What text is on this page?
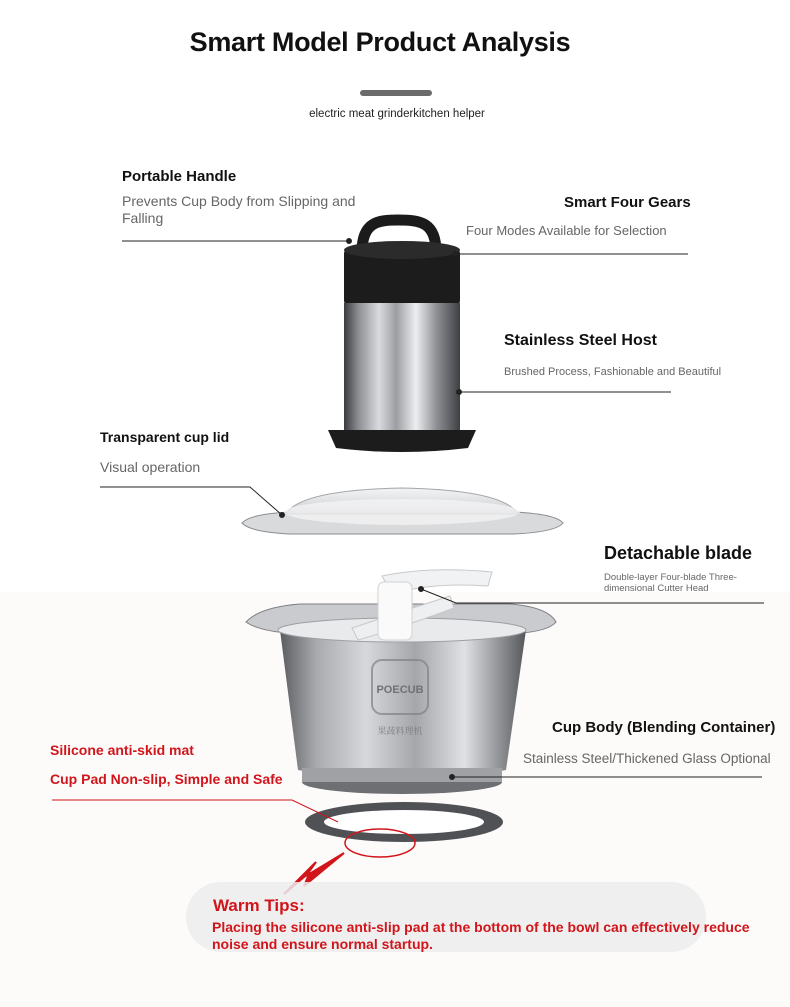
Smart Model Product Analysis
electric meat grinderkitchen helper
POECUB
果蔬料理机
Portable Handle
Prevents Cup Body from Slipping and Falling
Smart Four Gears
Four Modes Available for Selection
Stainless Steel Host
Brushed Process, Fashionable and Beautiful
Transparent cup lid
Visual operation
Detachable blade
Double-layer Four-blade Three-dimensional Cutter Head
Cup Body (Blending Container)
Stainless Steel/Thickened Glass Optional
Silicone anti-skid mat
Cup Pad Non-slip, Simple and Safe
Warm Tips:
Placing the silicone anti-slip pad at the bottom of the bowl can effectively reduce noise and ensure normal startup.
